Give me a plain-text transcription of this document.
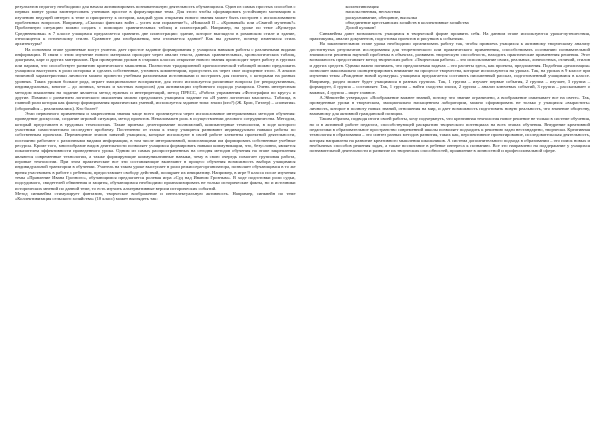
результатов педагогу необходимо для начала активизировать познавательную деятельность обучающихся. Один из самых простых способов с первых минут урока заинтересовать учеников простое в формулировке тема. Для этого чтобы сформировать устойчивую мотивацию к изучению ведущей интерес к теме и приоритету к истории, каждый урок открытия нового знания может быть построен с использованием проблемных вопросов. Например, «Сколько финских войн – успех или поражение?», «Николай II – «Кровавый» или «Святой мученик?» Проблемную ситуацию можно создать с помощью сравнительных таблиц и иллюстраций. Например, на уроке по теме «Культура Средневековья» в 7 классе учащимся предлагается сравнить две иллюстрации: здание, которое выглядело в романском стиле и здание, относящееся к готическому стилю. Сравните два изображения, чем отличается здание? Как вы думаете, почему изменился стиль архитектуры?

На основном этапе уровневые могут учитель дает простое задание формирования у учащихся навыков работы с различными видами информации. В связи с этим изучение нового материала проходит через анализ текста, данных сравнительных, хронологических таблиц, диаграмм, карт и других материалов. При проведении уроков в старших классах открытие нового знания происходит через работу в группах или парами, что способствует развитию критического мышления. Полностью традиционной хронологической таблицей можно предложить учащимся выступить в роли историка и сделать собственные, уточнить комментарии, пропустить их через свое ощущение этого. А анализ типичной характеристики личности можно провести учебным различными источниками и построить для полного, с которыми на разных уровнях. Таких уроков больше рода, играет эмоциональное восприятие, для этого используется различные вопросы (от репродуктивных, индивидуальных, многие – до личных, четких и частных вопросов) для активизации глубинного подхода учащихся. Очень интересным методом мышления на задание является метод нужных и интерпретаций, метод ПРЕСС, «Работа упражнения «Фотографии по кругу» и другие. Помимо с развитием логического мышления можно предложить учащимся задание на «Я умею логически мыслить». Таблица, в главной роли которая как фактор формирования практических умений, используется задание типа: знали (кто?) (Ж. Брис, Гитлер) – «понятия» (обороняйся – реализовались). Кто более?

Этап первичного применения и закрепления знания чаще всего организуется через использование интерактивных методов обучения: проведение дискуссии, создание игровой ситуации, метод проектов. Немаловажен роль в осуществлении делового сотрудничества. Методом, который представлен в трудовых технологиях. Такие приемы: делегирование полномочий, компьютерные технологии, в ходе которого участники самостоятельно исследуют проблему. Постепенно от этапа к этапу учащиеся развивают индивидуально навыки работы по собственным проектам. Перемещение этапов занятий учащихся, которые используют в своей работе элементы проектной деятельности, постоянно работают с различными видами информации, в том числе интерактивной, помогающими им формировать собственные учебные ресурсы. Кроме того, многообразие видов деятельности позволяет учащимся формировать навыки коммуникации, что, безусловно, является показателем эффективности проведенного урока. Одним из самых распространенных на сегодня методов обучения на этапе закрепления являются современные технологии, а также формирующие коммуникативные навыки, чему в свою очередь помогает групповая работа, игровые технологии. При этом практические все эти составляющие включают в процесс обучения возможность выбора учащимися индивидуальной траектории в обучении. Учитель на таком уроке выступает в роли режиссера-организатора, позволяет обучающимся в то же время участвовать в работе с ребенком, предоставляет свободу действий, поощряет их инициативу. Например, в игре 9 класса после изучения темы «Правление Ивана Грозного», обучающимся предлагается ролевая игра «Суд над Иваном Грозным». В ходе подготовки роли судьи, подсудимого, свидетелей обвинения и защиты, обучающимся необходимо проанализировать не только исторические факты, но и источники исторических мнений по данной теме, то есть изучить альтернативные версии исторических событий.

Метод синквейна стимулирует фантазию, творческое воображение и интеллектуальную активность. Например, синквейн по теме «Коллективизация сельского хозяйства» (10 класс) может выглядеть так:

коллективизация
насильственная, несчастная
раскулачивание, обещание, высылка
объединение крестьянских хозяйств в коллективные хозяйства
Долой кулаков!

Синквейны дают возможность учащимся в творческой форме проявить себя. На данном этапе используются уроки-путешествия, практикумы, анализ документов, подготовка проектов и рисунков к событиям.

На заключительном этапе урока необходимо организовать работу так, чтобы привлечь учащихся к активному творческому анализу достигнутых результатов исследования для теоретического или практического применения, способствовать осознанию познавательной значимости решения научной проблемы в объектах, развивать творческую способность, находить практические применения решения. Этот возможность предоставляет метод творческих работ. «Творческая работа» – это использование своих, реальных, личностных, отличий, стилов и других средств. Однако важно понимать, что предлагаемая задачах – это расчеты здесь, как проекты, предложения. Подобная «реализация» позволяет максимально сконцентрировать внимание на процессе творчества, которые используются на уроках. Так, на уроках в 9 классе при изучении темы «Рождение новой культуры» учащимся предлагается составить письменный рассказ, подготовленный учащимися в классе. Например, раздел может будет учащимися в разных группах. Так, 1 группа – изучает первые события, 2 группа – изучает, 3 группа – формирует, 4 группа – составляет. Так, 1 группа – найти сходство эпохи, 2 группа – анализ ключевых событий, 3 группа – рассказывает о важных, 4 группа – ищет главное.

А.Эйнштейн утверждал: «Воображение важнее знаний, потому что знание ограничено, а воображение охватывает все на свете». Так, проведенные уроки в творческом, эмоционально насыщенном лаборатории, можно сформировать не только у учащихся «вырастить» личность, которое в полноту новых знаний, отношения на мир, и дает возможность подготовить новую реальность, что значение обществу, взаимному для активной гражданской позиции.

Таким образом, подводя итоги своей работы, хочу подчеркнуть, что креативная технология новое решение не только в системе обучения, но и в активной работе педагога, способствующей раскрытию творческого потенциала на всех этапах обучения. Внедрение креативной педагогики в образовательное пространство современной школы позволяет подходить к решению задач нестандартно, творчески. Креативная технология в образовании – это синтез разных методов развития, таких как, перспективное проектирование, исследовательская деятельность, которая направлена на развитие креативного мышления школьников. А система дополнительного подхода в образовании – это поиск новых и необычных способов решения задач, а также воспитание в ребенке интереса к познанию. Все это направлено на поддержание у учащихся познавательной деятельности и развитие их творческих способностей, проявление в личностной и профессиональной сфере.
